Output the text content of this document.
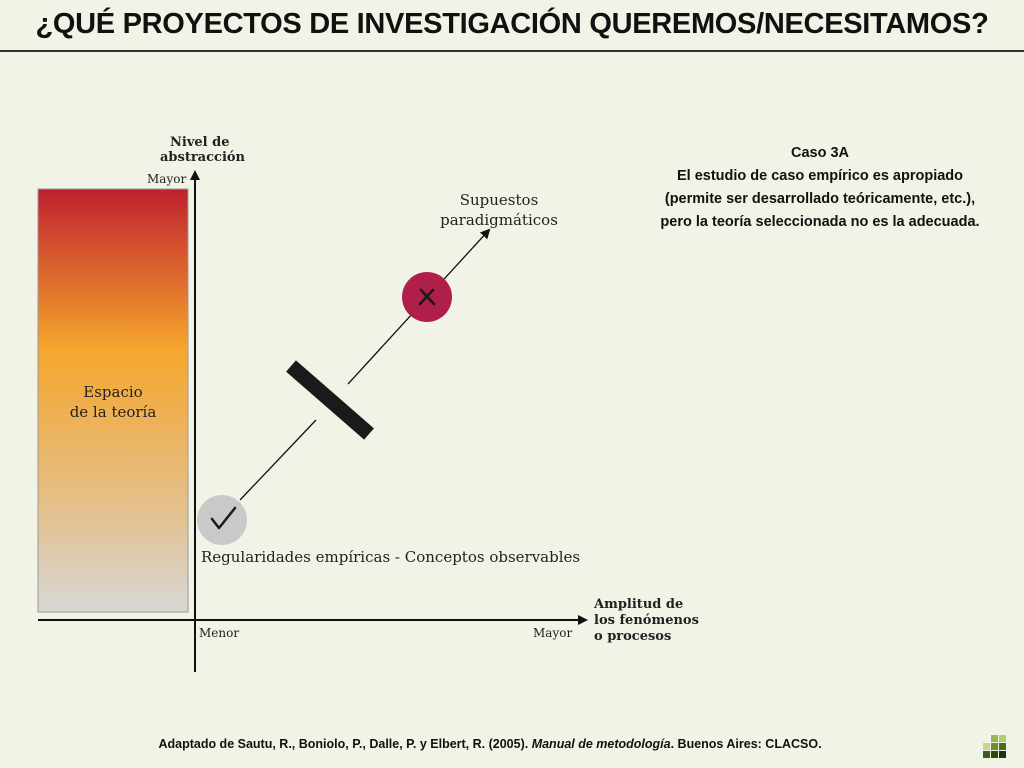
¿QUÉ PROYECTOS DE INVESTIGACIÓN QUEREMOS/NECESITAMOS?
Espacio
de la teoría
Nivel de
abstracción
Mayor
Menor	Mayor
Amplitud de
los fenómenos
o procesos
Supuestos
paradigmáticos
Regularidades empíricas - Conceptos observables
Caso 3A
El estudio de caso empírico es apropiado
(permite ser desarrollado teóricamente, etc.),
pero la teoría seleccionada no es la adecuada.
Adaptado de Sautu, R., Boniolo, P., Dalle, P. y Elbert, R. (2005). Manual de metodología. Buenos Aires: CLACSO.
